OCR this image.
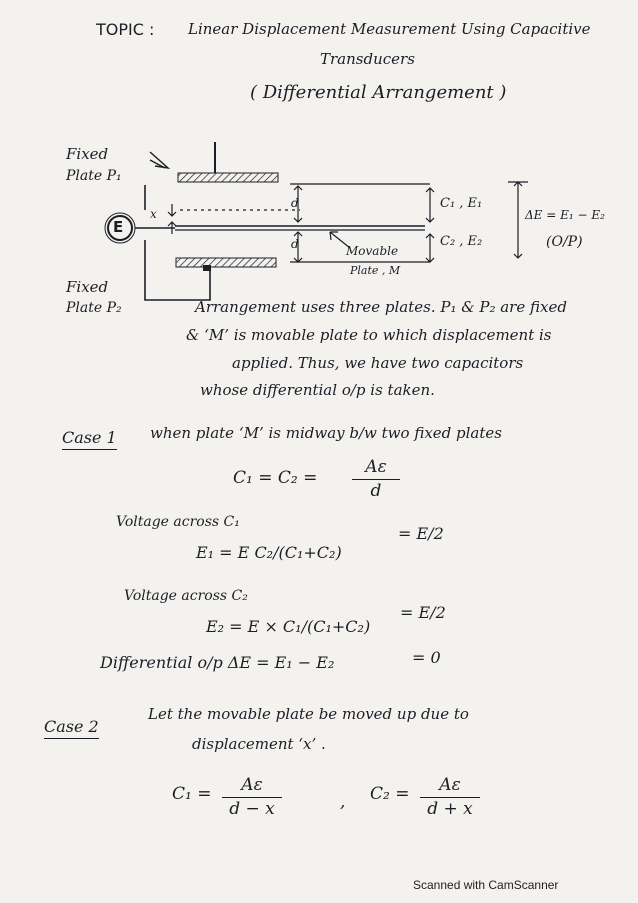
TOPIC : Linear Displacement Measurement Using Capacitive
Transducers
( Differential Arrangement )
Fixed
Plate P₁
Fixed
Plate P₂
E
x
d
d
C₁ , E₁
C₂ , E₂
Movable
Plate , M
ΔE = E₁ − E₂
(O/P)
Arrangement uses three plates. P₁ & P₂ are fixed
& ‘M’ is movable plate to which displacement is
applied. Thus, we have two capacitors
whose differential o/p is taken.
Case 1 when plate ‘M’ is midway b/w two fixed plates
C₁ = C₂ =
Aε
d
Voltage across C₁
E₁ = E C₂/(C₁+C₂)
= E/2
Voltage across C₂
E₂ = E × C₁/(C₁+C₂)
= E/2
Differential o/p ΔE = E₁ − E₂	= 0
Case 2
Let the movable plate be moved up due to
displacement ‘x’ .
C₁ =	Aε
d − x	, C₂ =	Aε
d + x
Scanned with CamScanner
